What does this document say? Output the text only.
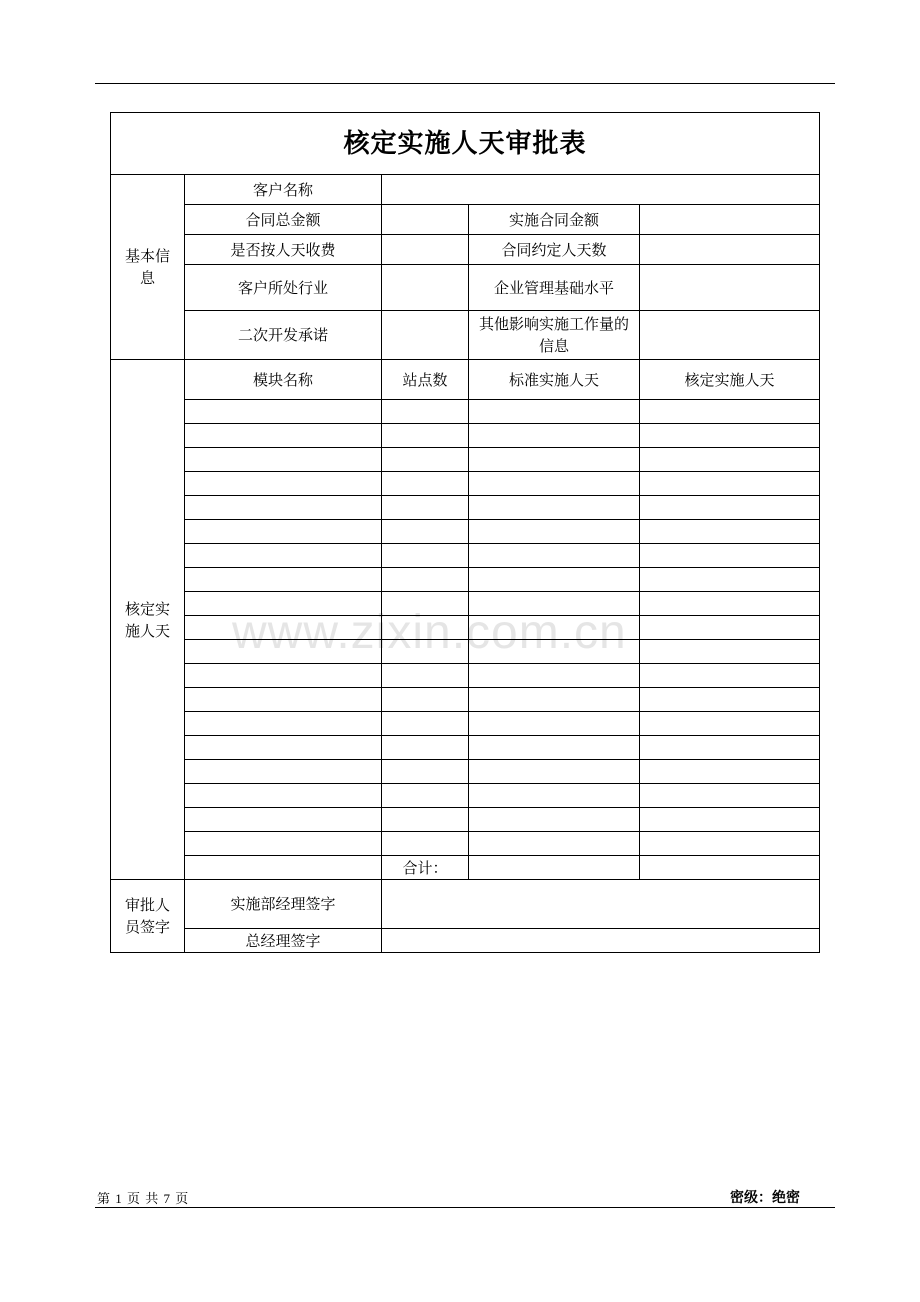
核定实施人天审批表				

基本信息	客户名称			
	合同总金额		实施合同金额	
	是否按人天收费		合同约定人天数	
	客户所处行业		企业管理基础水平	
	二次开发承诺		其他影响实施工作量的信息	

核定实施人天	模块名称	站点数	标准实施人天	核定实施人天

		合计：		

审批人员签字	实施部经理签字			
	总经理签字			
第 1 页 共 7 页	密级：绝密
